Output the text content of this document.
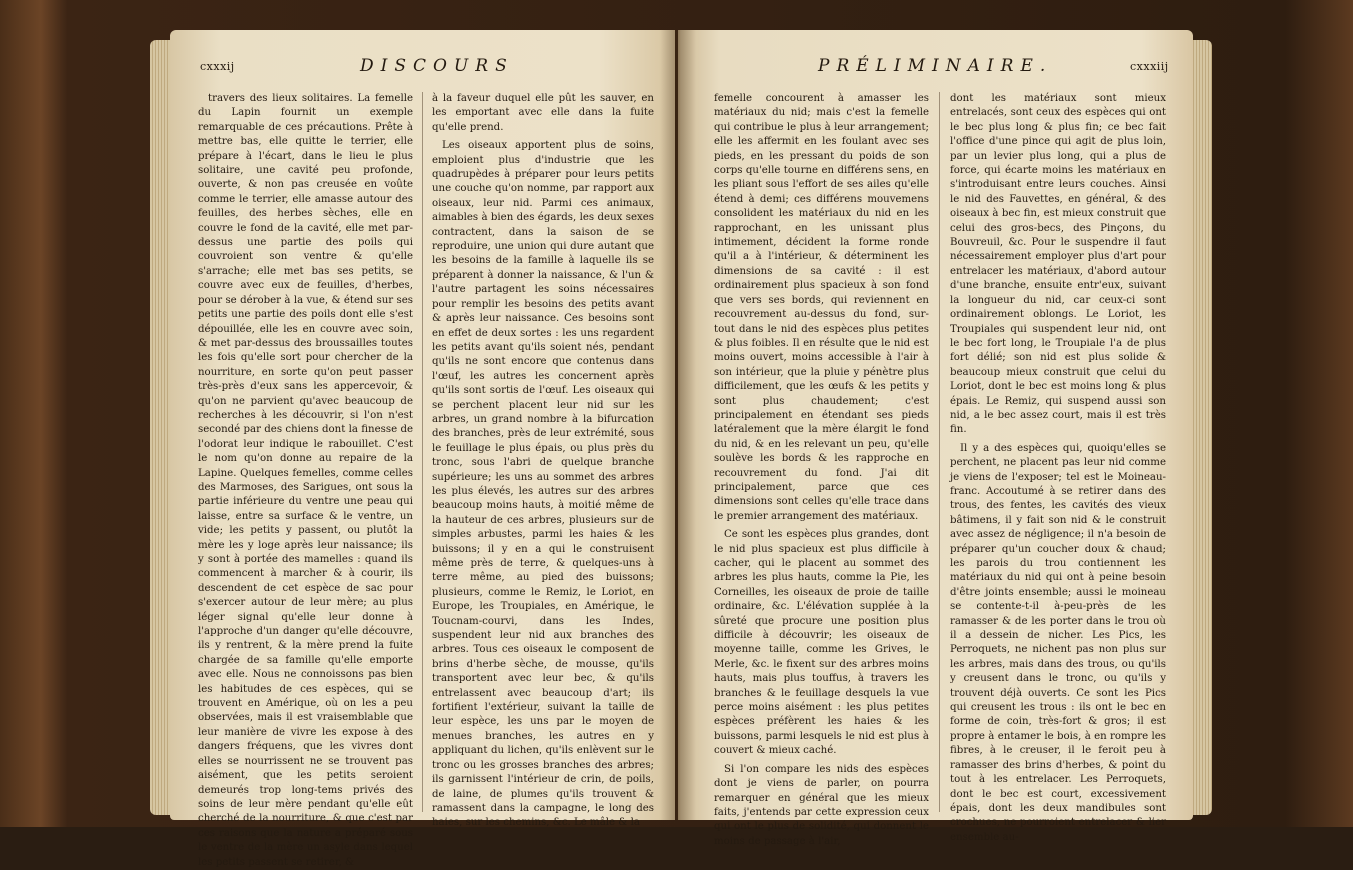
cxxxij	DISCOURS

travers des lieux solitaires. La femelle du Lapin fournit un exemple remarquable de ces précautions. Prête à mettre bas, elle quitte le terrier, elle prépare à l'écart, dans le lieu le plus solitaire, une cavité peu profonde, ouverte, & non pas creusée en voûte comme le terrier, elle amasse autour des feuilles, des herbes sèches, elle en couvre le fond de la cavité, elle met par-dessus une partie des poils qui couvroient son ventre & qu'elle s'arrache; elle met bas ses petits, se couvre avec eux de feuilles, d'herbes, pour se dérober à la vue, & étend sur ses petits une partie des poils dont elle s'est dépouillée, elle les en couvre avec soin, & met par-dessus des broussailles toutes les fois qu'elle sort pour chercher de la nourriture, en sorte qu'on peut passer très-près d'eux sans les appercevoir, & qu'on ne parvient qu'avec beaucoup de recherches à les découvrir, si l'on n'est secondé par des chiens dont la finesse de l'odorat leur indique le rabouillet. C'est le nom qu'on donne au repaire de la Lapine. Quelques femelles, comme celles des Marmoses, des Sarigues, ont sous la partie inférieure du ventre une peau qui laisse, entre sa surface & le ventre, un vide; les petits y passent, ou plutôt la mère les y loge après leur naissance; ils y sont à portée des mamelles : quand ils commencent à marcher & à courir, ils descendent de cet espèce de sac pour s'exercer autour de leur mère; au plus léger signal qu'elle leur donne à l'approche d'un danger qu'elle découvre, ils y rentrent, & la mère prend la fuite chargée de sa famille qu'elle emporte avec elle. Nous ne connoissons pas bien les habitudes de ces espèces, qui se trouvent en Amérique, où on les a peu observées, mais il est vraisemblable que leur manière de vivre les expose à des dangers fréquens, que les vivres dont elles se nourrissent ne se trouvent pas aisément, que les petits seroient demeurés trop long-tems privés des soins de leur mère pendant qu'elle eût cherché de la nourriture, & que c'est par ces raisons que la nature a préparé sous le ventre de la mère un asyle dans lequel les petits passent se retirer, &

à la faveur duquel elle pût les sauver, en les emportant avec elle dans la fuite qu'elle prend.

Les oiseaux apportent plus de soins, emploient plus d'industrie que les quadrupèdes à préparer pour leurs petits une couche qu'on nomme, par rapport aux oiseaux, leur nid. Parmi ces animaux, aimables à bien des égards, les deux sexes contractent, dans la saison de se reproduire, une union qui dure autant que les besoins de la famille à laquelle ils se préparent à donner la naissance, & l'un & l'autre partagent les soins nécessaires pour remplir les besoins des petits avant & après leur naissance. Ces besoins sont en effet de deux sortes : les uns regardent les petits avant qu'ils soient nés, pendant qu'ils ne sont encore que contenus dans l'œuf, les autres les concernent après qu'ils sont sortis de l'œuf. Les oiseaux qui se perchent placent leur nid sur les arbres, un grand nombre à la bifurcation des branches, près de leur extrémité, sous le feuillage le plus épais, ou plus près du tronc, sous l'abri de quelque branche supérieure; les uns au sommet des arbres les plus élevés, les autres sur des arbres beaucoup moins hauts, à moitié même de la hauteur de ces arbres, plusieurs sur de simples arbustes, parmi les haies & les buissons; il y en a qui le construisent même près de terre, & quelques-uns à terre même, au pied des buissons; plusieurs, comme le Remiz, le Loriot, en Europe, les Troupiales, en Amérique, le Toucnam-courvi, dans les Indes, suspendent leur nid aux branches des arbres. Tous ces oiseaux le composent de brins d'herbe sèche, de mousse, qu'ils transportent avec leur bec, & qu'ils entrelassent avec beaucoup d'art; ils fortifient l'extérieur, suivant la taille de leur espèce, les uns par le moyen de menues branches, les autres en y appliquant du lichen, qu'ils enlèvent sur le tronc ou les grosses branches des arbres; ils garnissent l'intérieur de crin, de poils, de laine, de plumes qu'ils trouvent & ramassent dans la campagne, le long des haies, sur les chemins, &c. Le mâle & la

PRÉLIMINAIRE.	cxxxiij

femelle concourent à amasser les matériaux du nid; mais c'est la femelle qui contribue le plus à leur arrangement; elle les affermit en les foulant avec ses pieds, en les pressant du poids de son corps qu'elle tourne en différens sens, en les pliant sous l'effort de ses ailes qu'elle étend à demi; ces différens mouvemens consolident les matériaux du nid en les rapprochant, en les unissant plus intimement, décident la forme ronde qu'il a à l'intérieur, & déterminent les dimensions de sa cavité : il est ordinairement plus spacieux à son fond que vers ses bords, qui reviennent en recouvrement au-dessus du fond, sur-tout dans le nid des espèces plus petites & plus foibles. Il en résulte que le nid est moins ouvert, moins accessible à l'air à son intérieur, que la pluie y pénètre plus difficilement, que les œufs & les petits y sont plus chaudement; c'est principalement en étendant ses pieds latéralement que la mère élargit le fond du nid, & en les relevant un peu, qu'elle soulève les bords & les rapproche en recouvrement du fond. J'ai dit principalement, parce que ces dimensions sont celles qu'elle trace dans le premier arrangement des matériaux.

Ce sont les espèces plus grandes, dont le nid plus spacieux est plus difficile à cacher, qui le placent au sommet des arbres les plus hauts, comme la Pie, les Corneilles, les oiseaux de proie de taille ordinaire, &c. L'élévation supplée à la sûreté que procure une position plus difficile à découvrir; les oiseaux de moyenne taille, comme les Grives, le Merle, &c. le fixent sur des arbres moins hauts, mais plus touffus, à travers les branches & le feuillage desquels la vue perce moins aisément : les plus petites espèces préfèrent les haies & les buissons, parmi lesquels le nid est plus à couvert & mieux caché.

Si l'on compare les nids des espèces dont je viens de parler, on pourra remarquer en général que les mieux faits, j'entends par cette expression ceux qui ont le plus de solidité, qui donnent le moins de passage à l'air,

dont les matériaux sont mieux entrelacés, sont ceux des espèces qui ont le bec plus long & plus fin; ce bec fait l'office d'une pince qui agit de plus loin, par un levier plus long, qui a plus de force, qui écarte moins les matériaux en s'introduisant entre leurs couches. Ainsi le nid des Fauvettes, en général, & des oiseaux à bec fin, est mieux construit que celui des gros-becs, des Pinçons, du Bouvreuil, &c. Pour le suspendre il faut nécessairement employer plus d'art pour entrelacer les matériaux, d'abord autour d'une branche, ensuite entr'eux, suivant la longueur du nid, car ceux-ci sont ordinairement oblongs. Le Loriot, les Troupiales qui suspendent leur nid, ont le bec fort long, le Troupiale l'a de plus fort délié; son nid est plus solide & beaucoup mieux construit que celui du Loriot, dont le bec est moins long & plus épais. Le Remiz, qui suspend aussi son nid, a le bec assez court, mais il est très fin.

Il y a des espèces qui, quoiqu'elles se perchent, ne placent pas leur nid comme je viens de l'exposer; tel est le Moineau-franc. Accoutumé à se retirer dans des trous, des fentes, les cavités des vieux bâtimens, il y fait son nid & le construit avec assez de négligence; il n'a besoin de préparer qu'un coucher doux & chaud; les parois du trou contiennent les matériaux du nid qui ont à peine besoin d'être joints ensemble; aussi le moineau se contente-t-il à-peu-près de les ramasser & de les porter dans le trou où il a dessein de nicher. Les Pics, les Perroquets, ne nichent pas non plus sur les arbres, mais dans des trous, ou qu'ils y creusent dans le tronc, ou qu'ils y trouvent déjà ouverts. Ce sont les Pics qui creusent les trous : ils ont le bec en forme de coin, très-fort & gros; il est propre à entamer le bois, à en rompre les fibres, à le creuser, il le feroit peu à ramasser des brins d'herbes, & point du tout à les entrelacer. Les Perroquets, dont le bec est court, excessivement épais, dont les deux mandibules sont crochues, ne pourroient entrelacer & lier ensemble au-
